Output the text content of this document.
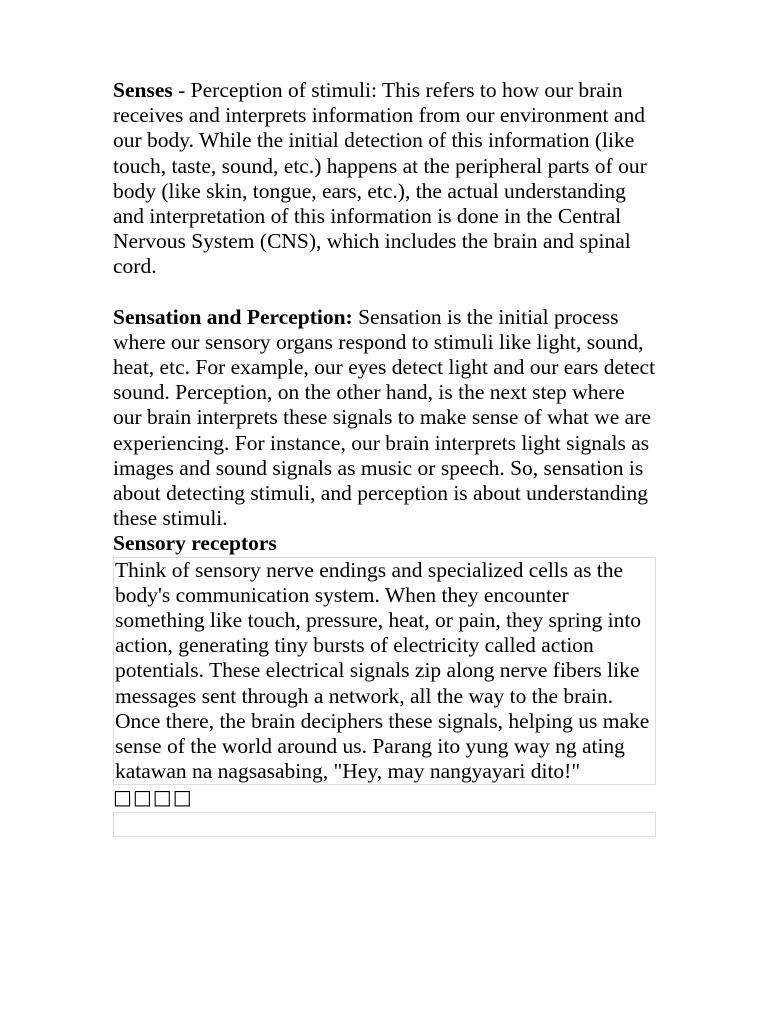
Senses - Perception of stimuli: This refers to how our brain receives and interprets information from our environment and our body. While the initial detection of this information (like touch, taste, sound, etc.) happens at the peripheral parts of our body (like skin, tongue, ears, etc.), the actual understanding and interpretation of this information is done in the Central Nervous System (CNS), which includes the brain and spinal cord.

Sensation and Perception: Sensation is the initial process where our sensory organs respond to stimuli like light, sound, heat, etc. For example, our eyes detect light and our ears detect sound. Perception, on the other hand, is the next step where our brain interprets these signals to make sense of what we are experiencing. For instance, our brain interprets light signals as images and sound signals as music or speech. So, sensation is about detecting stimuli, and perception is about understanding these stimuli.

Sensory receptors

Think of sensory nerve endings and specialized cells as the body's communication system. When they encounter something like touch, pressure, heat, or pain, they spring into action, generating tiny bursts of electricity called action potentials. These electrical signals zip along nerve fibers like messages sent through a network, all the way to the brain. Once there, the brain deciphers these signals, helping us make sense of the world around us. Parang ito yung way ng ating katawan na nagsasabing, "Hey, may nangyayari dito!"

□□□□
